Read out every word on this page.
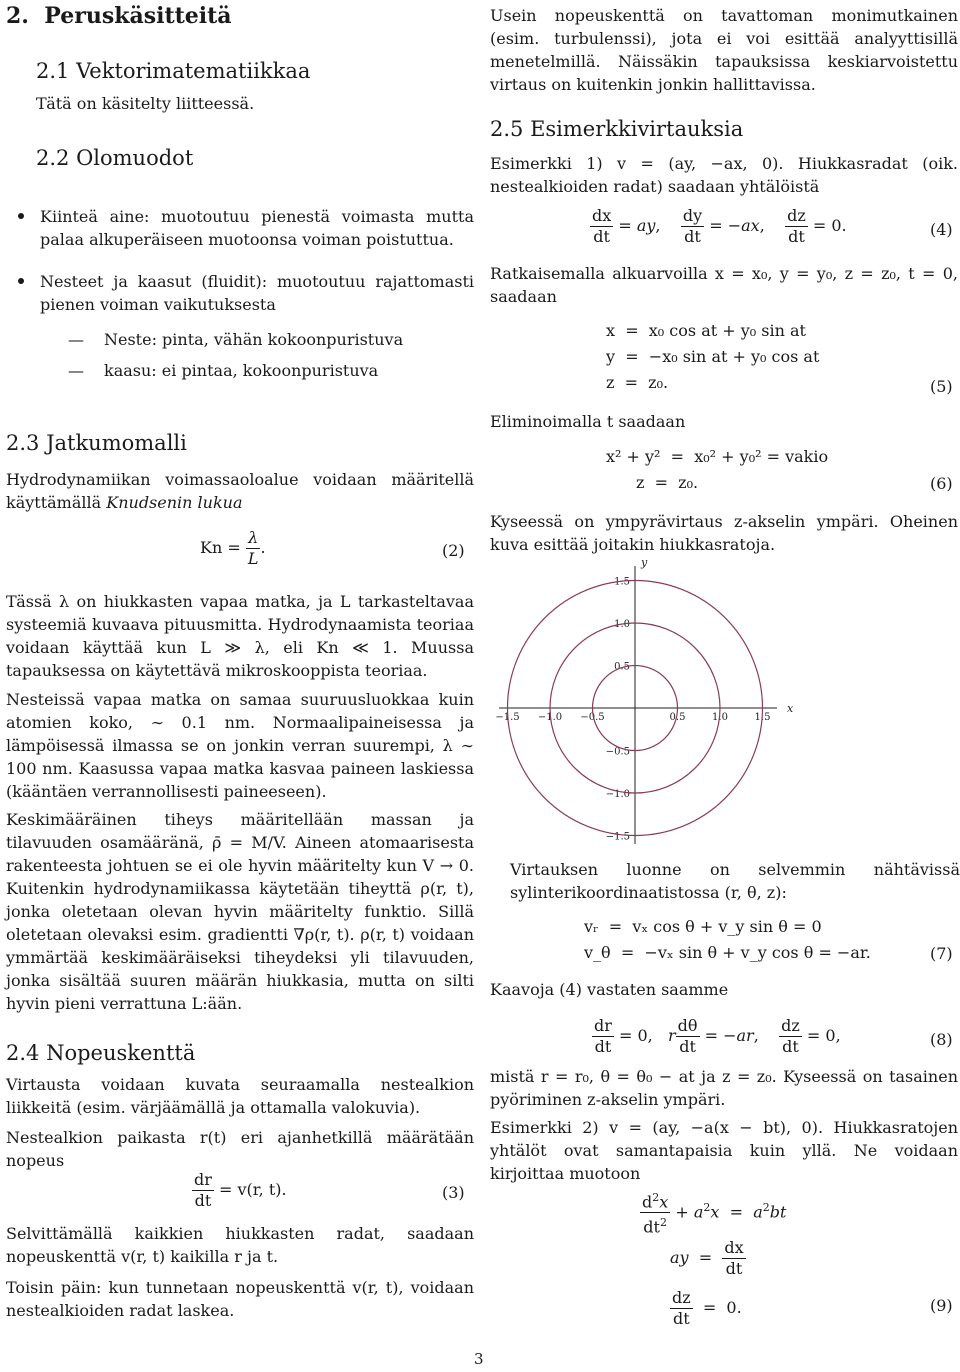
2. Peruskäsitteitä
2.1 Vektorimatematiikkaa

Tätä on käsitelty liitteessä.

2.2 Olomuodot
Kiinteä aine: muotoutuu pienestä voimasta mutta palaa alkuperäiseen muotoonsa voiman poistuttua.
Nesteet ja kaasut (fluidit): muotoutuu rajattomasti pienen voiman vaikutuksesta
— Neste: pinta, vähän kokoonpuristuva
— kaasu: ei pintaa, kokoonpuristuva
2.3 Jatkumomalli

Hydrodynamiikan voimassaoloalue voidaan määritellä käyttämällä Knudsenin lukua

$Kn = \frac{\lambda}{L}$ .	(2)

Tässä λ on hiukkasten vapaa matka, ja L tarkasteltavaa systeemiä kuvaava pituusmitta. Hydrodynaamista teoriaa voidaan käyttää kun L ≫ λ, eli Kn ≪ 1. Muussa tapauksessa on käytettävä mikroskooppista teoriaa.

Nesteissä vapaa matka on samaa suuruusluokkaa kuin atomien koko, ∼ 0.1 nm. Normaalipaineisessa ja lämpöisessä ilmassa se on jonkin verran suurempi, λ ∼ 100 nm. Kaasussa vapaa matka kasvaa paineen laskiessa (kääntäen verrannollisesti paineeseen).

Keskimääräinen tiheys määritellään massan ja tilavuuden osamääränä, ρ̄ = M/V. Aineen atomaarisesta rakenteesta johtuen se ei ole hyvin määritelty kun V → 0. Kuitenkin hydrodynamiikassa käytetään tiheyttä ρ(r, t), jonka oletetaan olevan hyvin määritelty funktio. Sillä oletetaan olevaksi esim. gradientti ∇ρ(r, t). ρ(r, t) voidaan ymmärtää keskimääräiseksi tiheydeksi yli tilavuuden, jonka sisältää suuren määrän hiukkasia, mutta on silti hyvin pieni verrattuna L:ään.

2.4 Nopeuskenttä

Virtausta voidaan kuvata seuraamalla nestealkion liikkeitä (esim. värjäämällä ja ottamalla valokuvia).

Nestealkion paikasta r(t) eri ajanhetkillä määrätään nopeus

$\frac{dr}{dt} = v(r$, t).	(3)

Selvittämällä kaikkien hiukkasten radat, saadaan nopeuskenttä v(r, t) kaikilla r ja t.

Toisin päin: kun tunnetaan nopeuskenttä v(r, t), voidaan nestealkioiden radat laskea.

Usein nopeuskenttä on tavattoman monimutkainen (esim. turbulenssi), jota ei voi esittää analyyttisillä menetelmillä. Näissäkin tapauksissa keskiarvoistettu virtaus on kuitenkin jonkin hallittavissa.

2.5 Esimerkkivirtauksia

Esimerkki 1) v = (ay, −ax, 0). Hiukkasradat (oik. nestealkioiden radat) saadaan yhtälöistä

$\frac{dx}{dt}$ = ay, $\frac{dy}{dt} = -ax$, $\frac{dz}{dt} = 0$.	(4)

Ratkaisemalla alkuarvoilla x = x₀, y = y₀, z = z₀, t = 0, saadaan

x  =  x₀ cos at + y₀ sin at
y  =  −x₀ sin at + y₀ cos at
z  =  z₀.	(5)

Eliminoimalla t saadaan

x² + y²  =  x₀² + y₀² = vakio
z  =  z₀.	(6)

Kyseessä on ympyrävirtaus z-akselin ympäri. Oheinen kuva esittää joitakin hiukkasratoja.

−1.5 −1.0 −0.5	0.5	1.0	1.5
1.5
1.0
0.5
−0.5
−1.0
−1.5
x
y

Virtauksen luonne on selvemmin nähtävissä sylinterikoordinaatistossa (r, θ, z):

vᵣ  =  vₓ cos θ + v_y sin θ = 0
v_θ  =  −vₓ sin θ + v_y cos θ = −ar.	(7)

Kaavoja (4) vastaten saamme

$\frac{dr}{dt} = 0$,   r $\frac{d\theta}{dt} = -ar$, $\frac{dz}{dt} = 0$,	(8)

mistä r = r₀, θ = θ₀ − at ja z = z₀. Kyseessä on tasainen pyöriminen z-akselin ympäri.

Esimerkki 2) v = (ay, −a(x − bt), 0). Hiukkasratojen yhtälöt ovat samantapaisia kuin yllä. Ne voidaan kirjoittaa muotoon

$\frac{d^2x}{dt^2} + a^2x = a^2bt$
ay  = $\frac{dx}{dt}$
$\frac{dz}{dt} = 0$.	(9)
3
